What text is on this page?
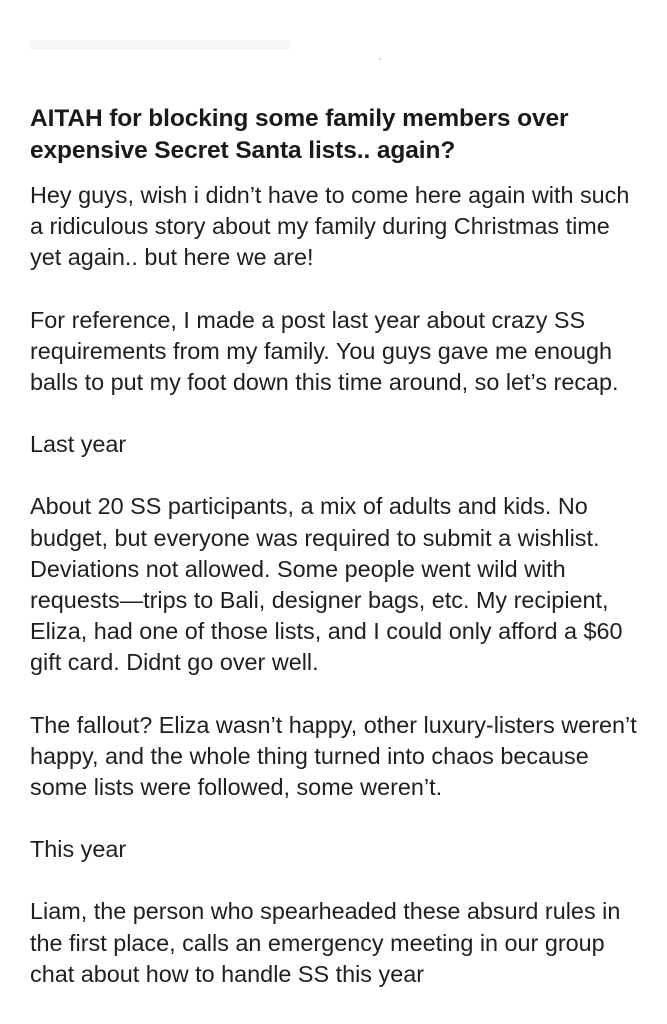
AITAH for blocking some family members over expensive Secret Santa lists.. again?

Hey guys, wish i didn’t have to come here again with such a ridiculous story about my family during Christmas time yet again.. but here we are!

For reference, I made a post last year about crazy SS requirements from my family. You guys gave me enough balls to put my foot down this time around, so let’s recap.

Last year

About 20 SS participants, a mix of adults and kids. No budget, but everyone was required to submit a wishlist. Deviations not allowed. Some people went wild with requests—trips to Bali, designer bags, etc. My recipient, Eliza, had one of those lists, and I could only afford a $60 gift card. Didnt go over well.

The fallout? Eliza wasn’t happy, other luxury-listers weren’t happy, and the whole thing turned into chaos because some lists were followed, some weren’t.

This year

Liam, the person who spearheaded these absurd rules in the first place, calls an emergency meeting in our group chat about how to handle SS this year
